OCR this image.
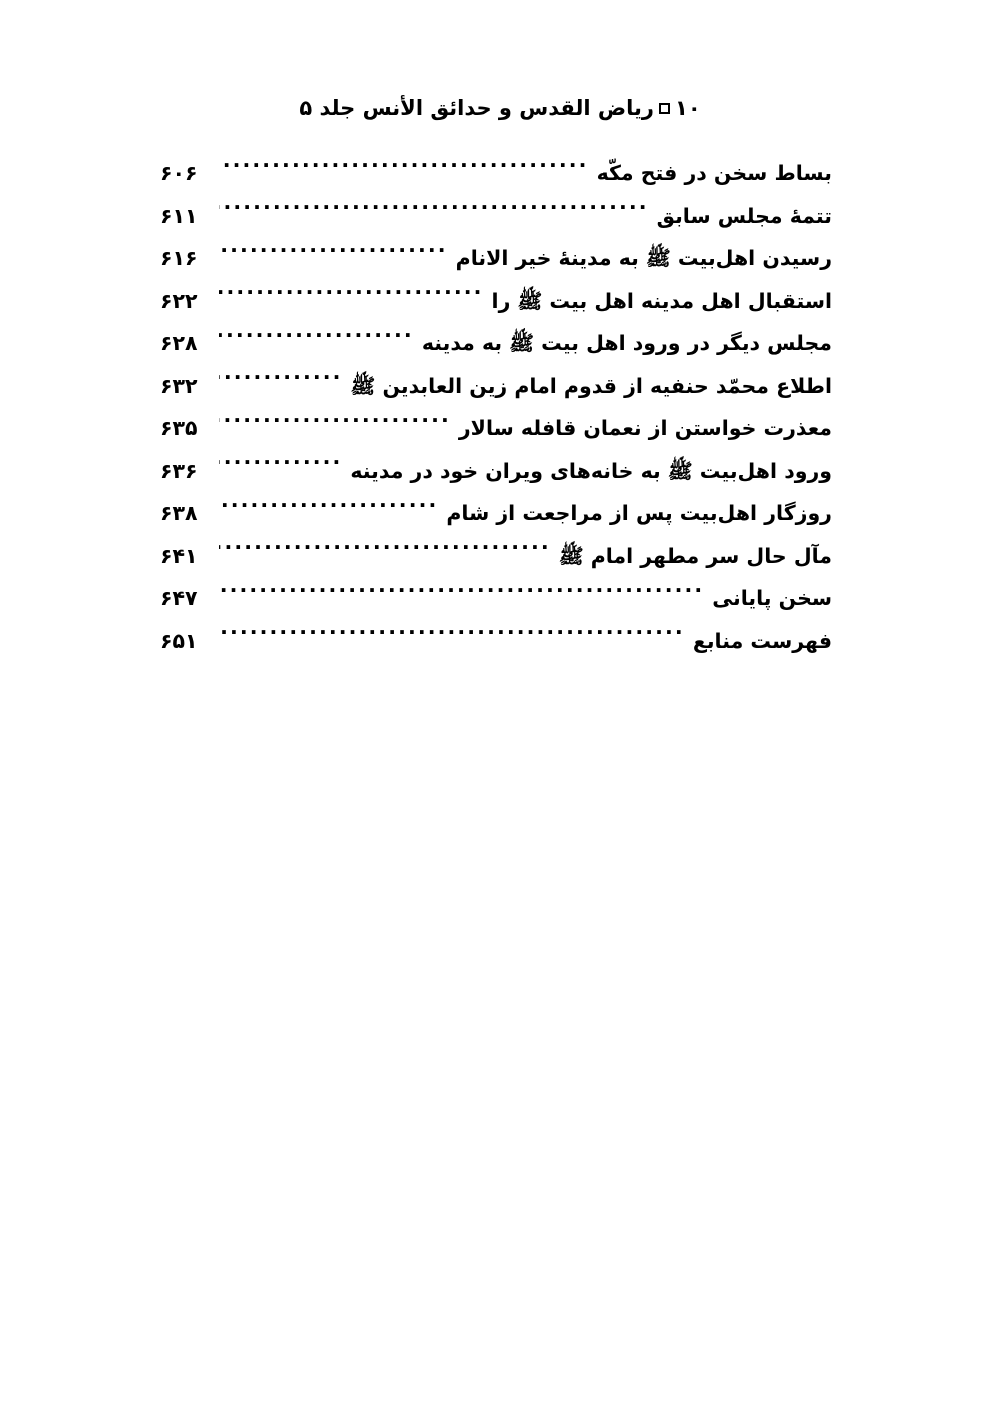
۱۰ریاض القدس و حدائق الأنس جلد ۵
بساط سخن در فتح مکّه
.....
۶۰۶
تتمهٔ مجلس سابق
.....
۶۱۱
رسیدن اهل‌بیت ﷺ به مدینهٔ خیر الانام
.....
۶۱۶
استقبال اهل مدینه اهل بیت ﷺ را
.....
۶۲۲
مجلس دیگر در ورود اهل بیت ﷺ به مدینه
.....
۶۲۸
اطلاع محمّد حنفیه از قدوم امام زین العابدین ﷺ
.....
۶۳۲
معذرت خواستن از نعمان قافله سالار
.....
۶۳۵
ورود اهل‌بیت ﷺ به خانه‌های ویران خود در مدینه
.....
۶۳۶
روزگار اهل‌بیت پس از مراجعت از شام
.....
۶۳۸
مآل حال سر مطهر امام ﷺ
.....
۶۴۱
سخن پایانی
.....
۶۴۷
فهرست منابع
.....
۶۵۱
